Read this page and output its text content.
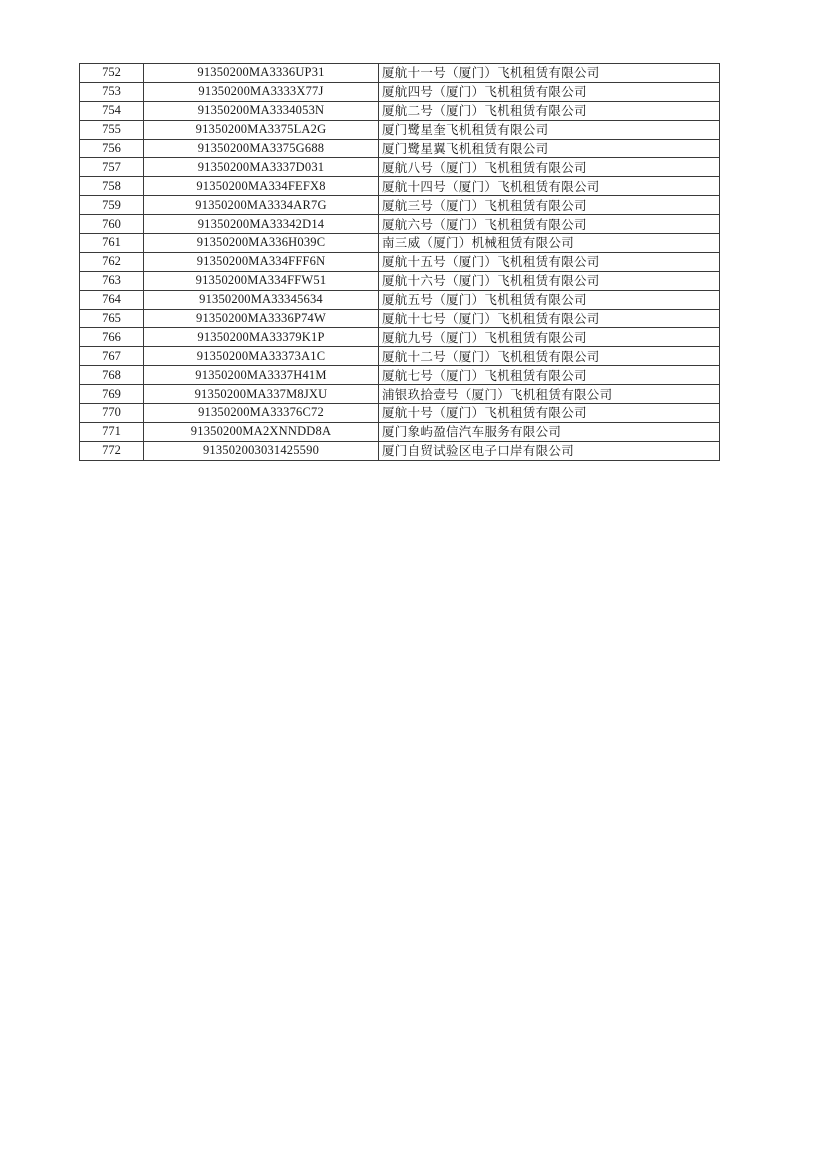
752	91350200MA3336UP31	厦航十一号（厦门）飞机租赁有限公司
753	91350200MA3333X77J	厦航四号（厦门）飞机租赁有限公司
754	91350200MA3334053N	厦航二号（厦门）飞机租赁有限公司
755	91350200MA3375LA2G	厦门鹭星奎飞机租赁有限公司
756	91350200MA3375G688	厦门鹭星翼飞机租赁有限公司
757	91350200MA3337D031	厦航八号（厦门）飞机租赁有限公司
758	91350200MA334FEFX8	厦航十四号（厦门）飞机租赁有限公司
759	91350200MA3334AR7G	厦航三号（厦门）飞机租赁有限公司
760	91350200MA33342D14	厦航六号（厦门）飞机租赁有限公司
761	91350200MA336H039C	南三威（厦门）机械租赁有限公司
762	91350200MA334FFF6N	厦航十五号（厦门）飞机租赁有限公司
763	91350200MA334FFW51	厦航十六号（厦门）飞机租赁有限公司
764	91350200MA33345634	厦航五号（厦门）飞机租赁有限公司
765	91350200MA3336P74W	厦航十七号（厦门）飞机租赁有限公司
766	91350200MA33379K1P	厦航九号（厦门）飞机租赁有限公司
767	91350200MA33373A1C	厦航十二号（厦门）飞机租赁有限公司
768	91350200MA3337H41M	厦航七号（厦门）飞机租赁有限公司
769	91350200MA337M8JXU	浦银玖拾壹号（厦门）飞机租赁有限公司
770	91350200MA33376C72	厦航十号（厦门）飞机租赁有限公司
771	91350200MA2XNNDD8A	厦门象屿盈信汽车服务有限公司
772	913502003031425590	厦门自贸试验区电子口岸有限公司
